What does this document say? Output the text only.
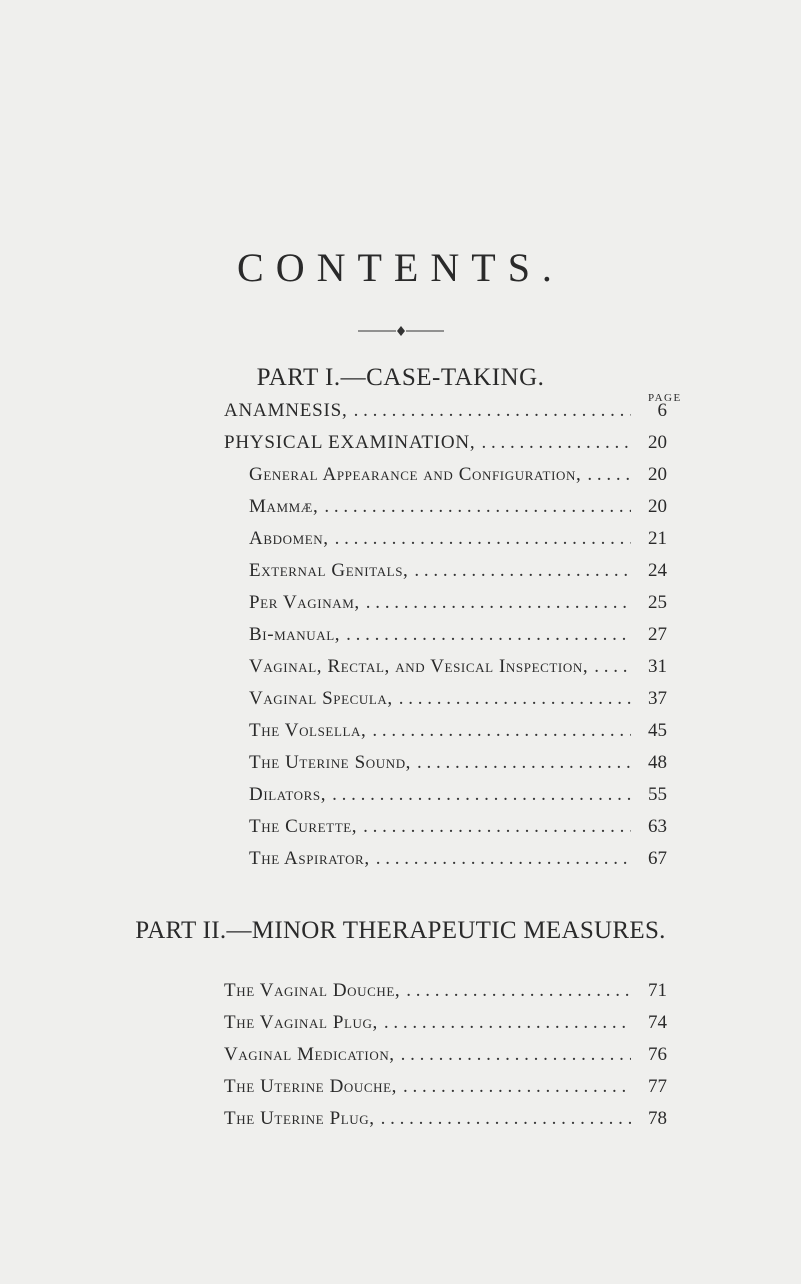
CONTENTS.
PART I.—CASE-TAKING.
PAGE
ANAMNESIS, . .	6
PHYSICAL EXAMINATION, . .	20
General Appearance and Configuration, . .	20
Mammæ, . .	20
Abdomen, . .	21
External Genitals, . .	24
Per Vaginam, . .	25
Bi-manual, . .	27
Vaginal, Rectal, and Vesical Inspection, . .	31
Vaginal Specula, . .	37
The Volsella, . .	45
The Uterine Sound, . .	48
Dilators, . .	55
The Curette, . .	63
The Aspirator, . .	67
PART II.—MINOR THERAPEUTIC MEASURES.
The Vaginal Douche, . .	71
The Vaginal Plug, . .	74
Vaginal Medication, . .	76
The Uterine Douche, . .	77
The Uterine Plug, . .	78
